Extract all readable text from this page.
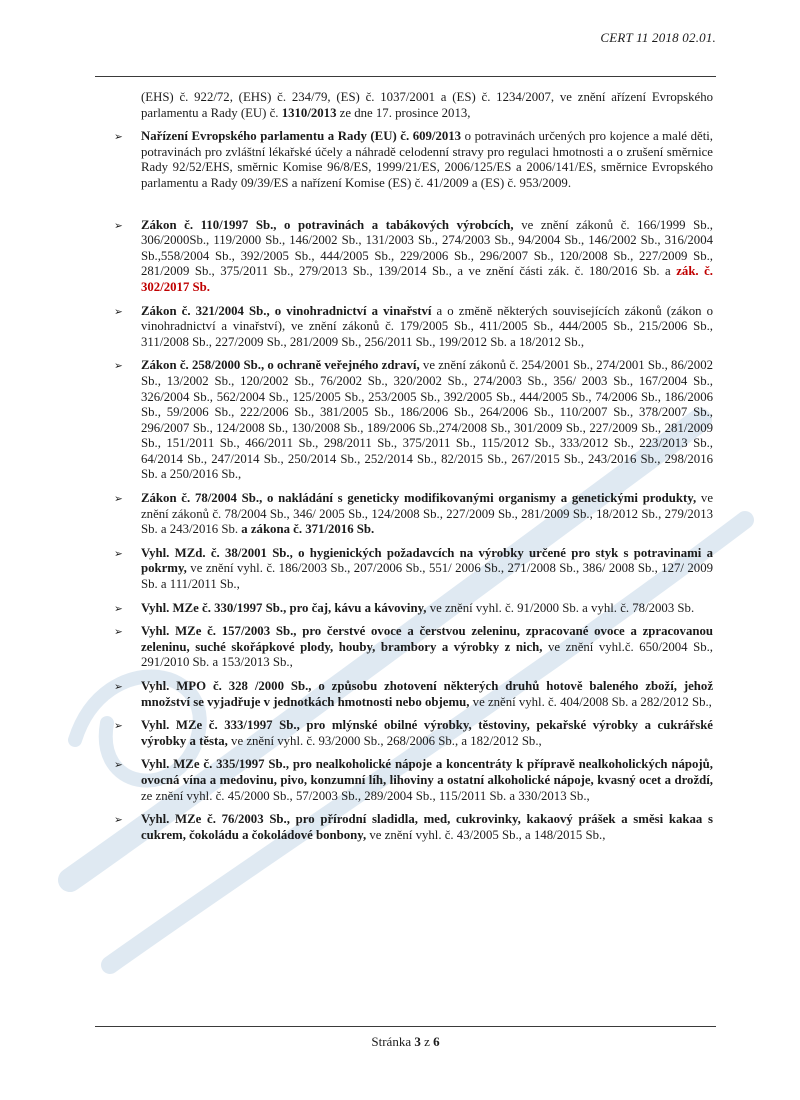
CERT 11 2018 02.01.

(EHS) č. 922/72, (EHS) č. 234/79, (ES) č. 1037/2001 a (ES) č. 1234/2007, ve znění ařízení Evropského parlamentu a Rady (EU) č. 1310/2013 ze dne 17. prosince 2013,

➢ Nařízení Evropského parlamentu a Rady (EU) č. 609/2013 o potravinách určených pro kojence a malé děti, potravinách pro zvláštní lékařské účely a náhradě celodenní stravy pro regulaci hmotnosti a o zrušení směrnice Rady 92/52/EHS, směrnic Komise 96/8/ES, 1999/21/ES, 2006/125/ES a 2006/141/ES, směrnice Evropského parlamentu a Rady 09/39/ES a nařízení Komise (ES) č. 41/2009 a (ES) č. 953/2009.

➢ Zákon č. 110/1997 Sb., o potravinách a tabákových výrobcích, ve znění zákonů č. 166/1999 Sb., 306/2000Sb., 119/2000 Sb., 146/2002 Sb., 131/2003 Sb., 274/2003 Sb., 94/2004 Sb., 146/2002 Sb., 316/2004 Sb.,558/2004 Sb., 392/2005 Sb., 444/2005 Sb., 229/2006 Sb., 296/2007 Sb., 120/2008 Sb., 227/2009 Sb., 281/2009 Sb., 375/2011 Sb., 279/2013 Sb., 139/2014 Sb., a ve znění části zák. č. 180/2016 Sb. a zák. č. 302/2017 Sb.

➢ Zákon č. 321/2004 Sb., o vinohradnictví a vinařství a o změně některých souvisejících zákonů (zákon o vinohradnictví a vinařství), ve znění zákonů č. 179/2005 Sb., 411/2005 Sb., 444/2005 Sb., 215/2006 Sb., 311/2008 Sb., 227/2009 Sb., 281/2009 Sb., 256/2011 Sb., 199/2012 Sb. a 18/2012 Sb.,

➢ Zákon č. 258/2000 Sb., o ochraně veřejného zdraví, ve znění zákonů č. 254/2001 Sb., 274/2001 Sb., 86/2002 Sb., 13/2002 Sb., 120/2002 Sb., 76/2002 Sb., 320/2002 Sb., 274/2003 Sb., 356/ 2003 Sb., 167/2004 Sb., 326/2004 Sb., 562/2004 Sb., 125/2005 Sb., 253/2005 Sb., 392/2005 Sb., 444/2005 Sb., 74/2006 Sb., 186/2006 Sb., 59/2006 Sb., 222/2006 Sb., 381/2005 Sb., 186/2006 Sb., 264/2006 Sb., 110/2007 Sb., 378/2007 Sb., 296/2007 Sb., 124/2008 Sb., 130/2008 Sb., 189/2006 Sb.,274/2008 Sb., 301/2009 Sb., 227/2009 Sb., 281/2009 Sb., 151/2011 Sb., 466/2011 Sb., 298/2011 Sb., 375/2011 Sb., 115/2012 Sb., 333/2012 Sb., 223/2013 Sb., 64/2014 Sb., 247/2014 Sb., 250/2014 Sb., 252/2014 Sb., 82/2015 Sb., 267/2015 Sb., 243/2016 Sb., 298/2016 Sb. a 250/2016 Sb.,

➢ Zákon č. 78/2004 Sb., o nakládání s geneticky modifikovanými organismy a genetickými produkty, ve znění zákonů č. 78/2004 Sb., 346/ 2005 Sb., 124/2008 Sb., 227/2009 Sb., 281/2009 Sb., 18/2012 Sb., 279/2013 Sb. a 243/2016 Sb. a zákona č. 371/2016 Sb.

➢ Vyhl. MZd. č. 38/2001 Sb., o hygienických požadavcích na výrobky určené pro styk s potravinami a pokrmy, ve znění vyhl. č. 186/2003 Sb., 207/2006 Sb., 551/ 2006 Sb., 271/2008 Sb., 386/ 2008 Sb., 127/ 2009 Sb. a 111/2011 Sb.,

➢ Vyhl. MZe č. 330/1997 Sb., pro čaj, kávu a kávoviny, ve znění vyhl. č. 91/2000 Sb. a vyhl. č. 78/2003 Sb.

➢ Vyhl. MZe č. 157/2003 Sb., pro čerstvé ovoce a čerstvou zeleninu, zpracované ovoce a zpracovanou zeleninu, suché skořápkové plody, houby, brambory a výrobky z nich, ve znění vyhl.č. 650/2004 Sb., 291/2010 Sb. a 153/2013 Sb.,

➢ Vyhl. MPO č. 328 /2000 Sb., o způsobu zhotovení některých druhů hotově baleného zboží, jehož množství se vyjadřuje v jednotkách hmotnosti nebo objemu, ve znění vyhl. č. 404/2008 Sb. a 282/2012 Sb.,

➢ Vyhl. MZe č. 333/1997 Sb., pro mlýnské obilné výrobky, těstoviny, pekařské výrobky a cukrářské výrobky a těsta, ve znění vyhl. č. 93/2000 Sb., 268/2006 Sb., a 182/2012 Sb.,

➢ Vyhl. MZe č. 335/1997 Sb., pro nealkoholické nápoje a koncentráty k přípravě nealkoholických nápojů, ovocná vína a medovinu, pivo, konzumní líh, lihoviny a ostatní alkoholické nápoje, kvasný ocet a droždí, ze znění vyhl. č. 45/2000 Sb., 57/2003 Sb., 289/2004 Sb., 115/2011 Sb. a 330/2013 Sb.,

➢ Vyhl. MZe č. 76/2003 Sb., pro přírodní sladidla, med, cukrovinky, kakaový prášek a směsi kakaa s cukrem, čokoládu a čokoládové bonbony, ve znění vyhl. č. 43/2005 Sb., a 148/2015 Sb.,

Stránka 3 z 6
